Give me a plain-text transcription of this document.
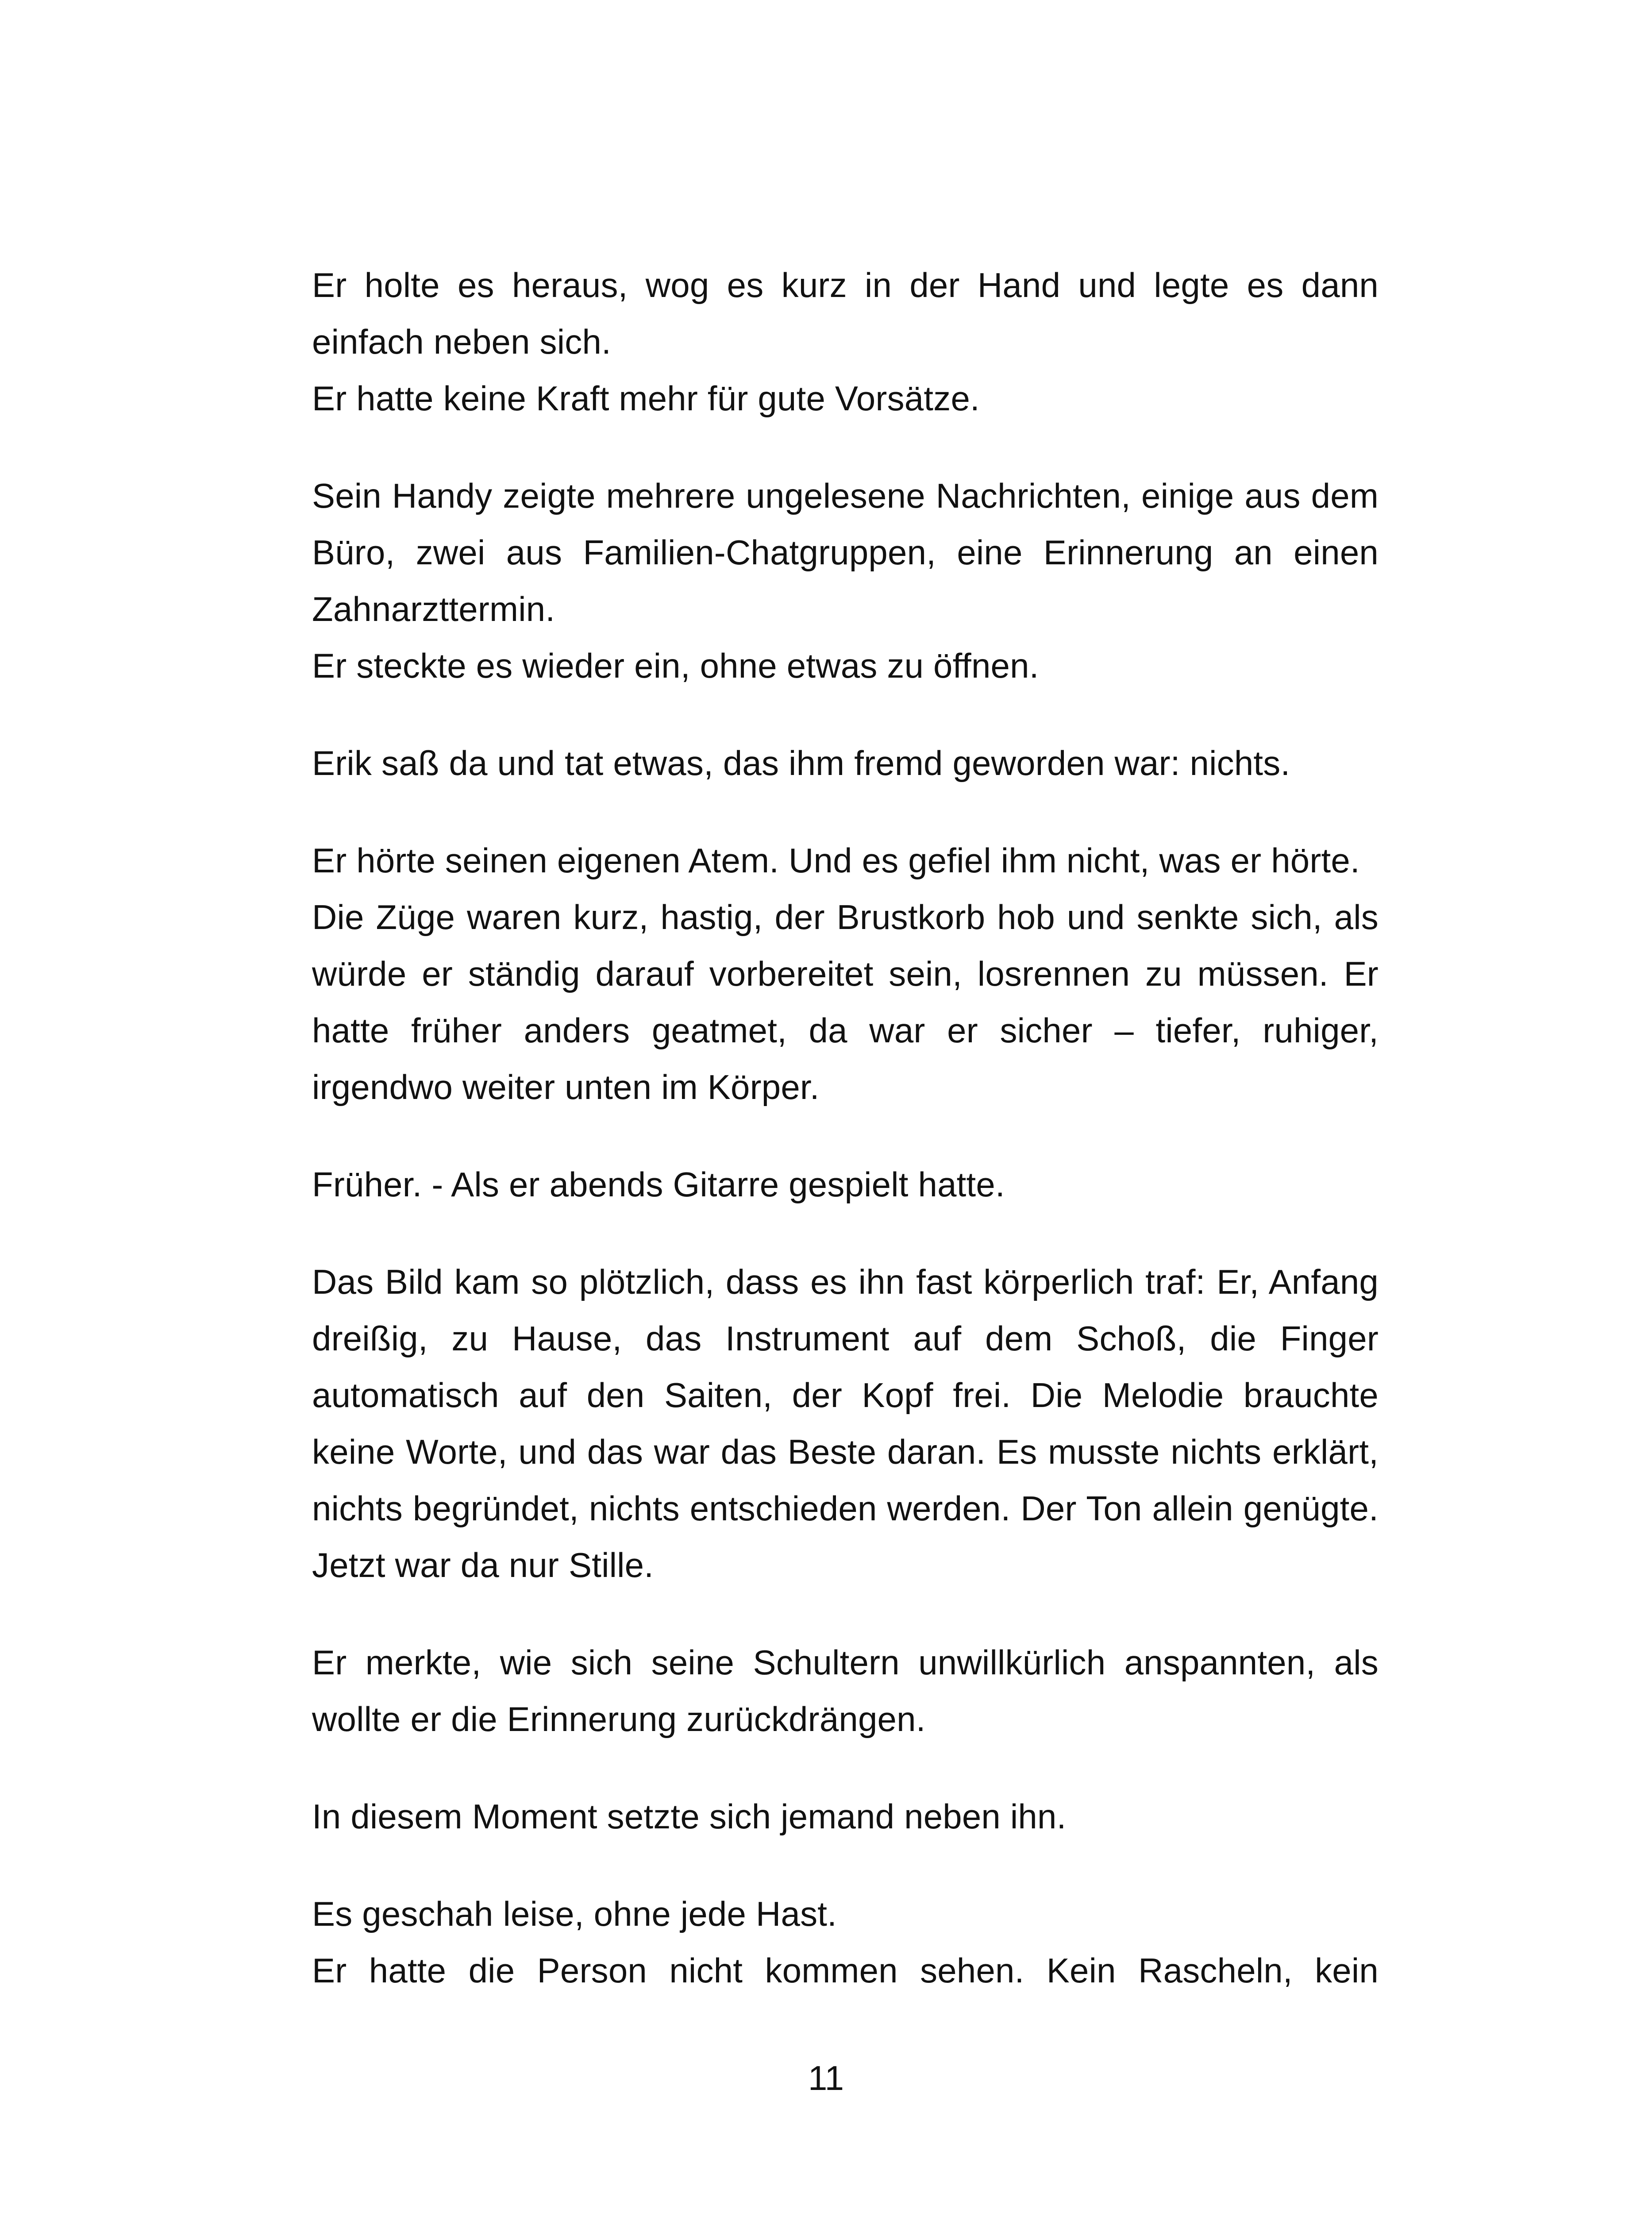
Er holte es heraus, wog es kurz in der Hand und legte es dann einfach neben sich.
Er hatte keine Kraft mehr für gute Vorsätze.
Sein Handy zeigte mehrere ungelesene Nachrichten, einige aus dem Büro, zwei aus Familien-Chatgruppen, eine Erinnerung an einen Zahnarzttermin.
Er steckte es wieder ein, ohne etwas zu öffnen.
Erik saß da und tat etwas, das ihm fremd geworden war: nichts.
Er hörte seinen eigenen Atem. Und es gefiel ihm nicht, was er hörte.
Die Züge waren kurz, hastig, der Brustkorb hob und senkte sich, als würde er ständig darauf vorbereitet sein, losrennen zu müssen. Er hatte früher anders geatmet, da war er sicher – tiefer, ruhiger, irgendwo weiter unten im Körper.
Früher. - Als er abends Gitarre gespielt hatte.
Das Bild kam so plötzlich, dass es ihn fast körperlich traf: Er, Anfang dreißig, zu Hause, das Instrument auf dem Schoß, die Finger automatisch auf den Saiten, der Kopf frei. Die Melodie brauchte keine Worte, und das war das Beste daran. Es musste nichts erklärt, nichts begründet, nichts entschieden werden. Der Ton allein genügte. Jetzt war da nur Stille.
Er merkte, wie sich seine Schultern unwillkürlich anspannten, als wollte er die Erinnerung zurückdrängen.
In diesem Moment setzte sich jemand neben ihn.
Es geschah leise, ohne jede Hast.
Er hatte die Person nicht kommen sehen. Kein Rascheln, kein
11
